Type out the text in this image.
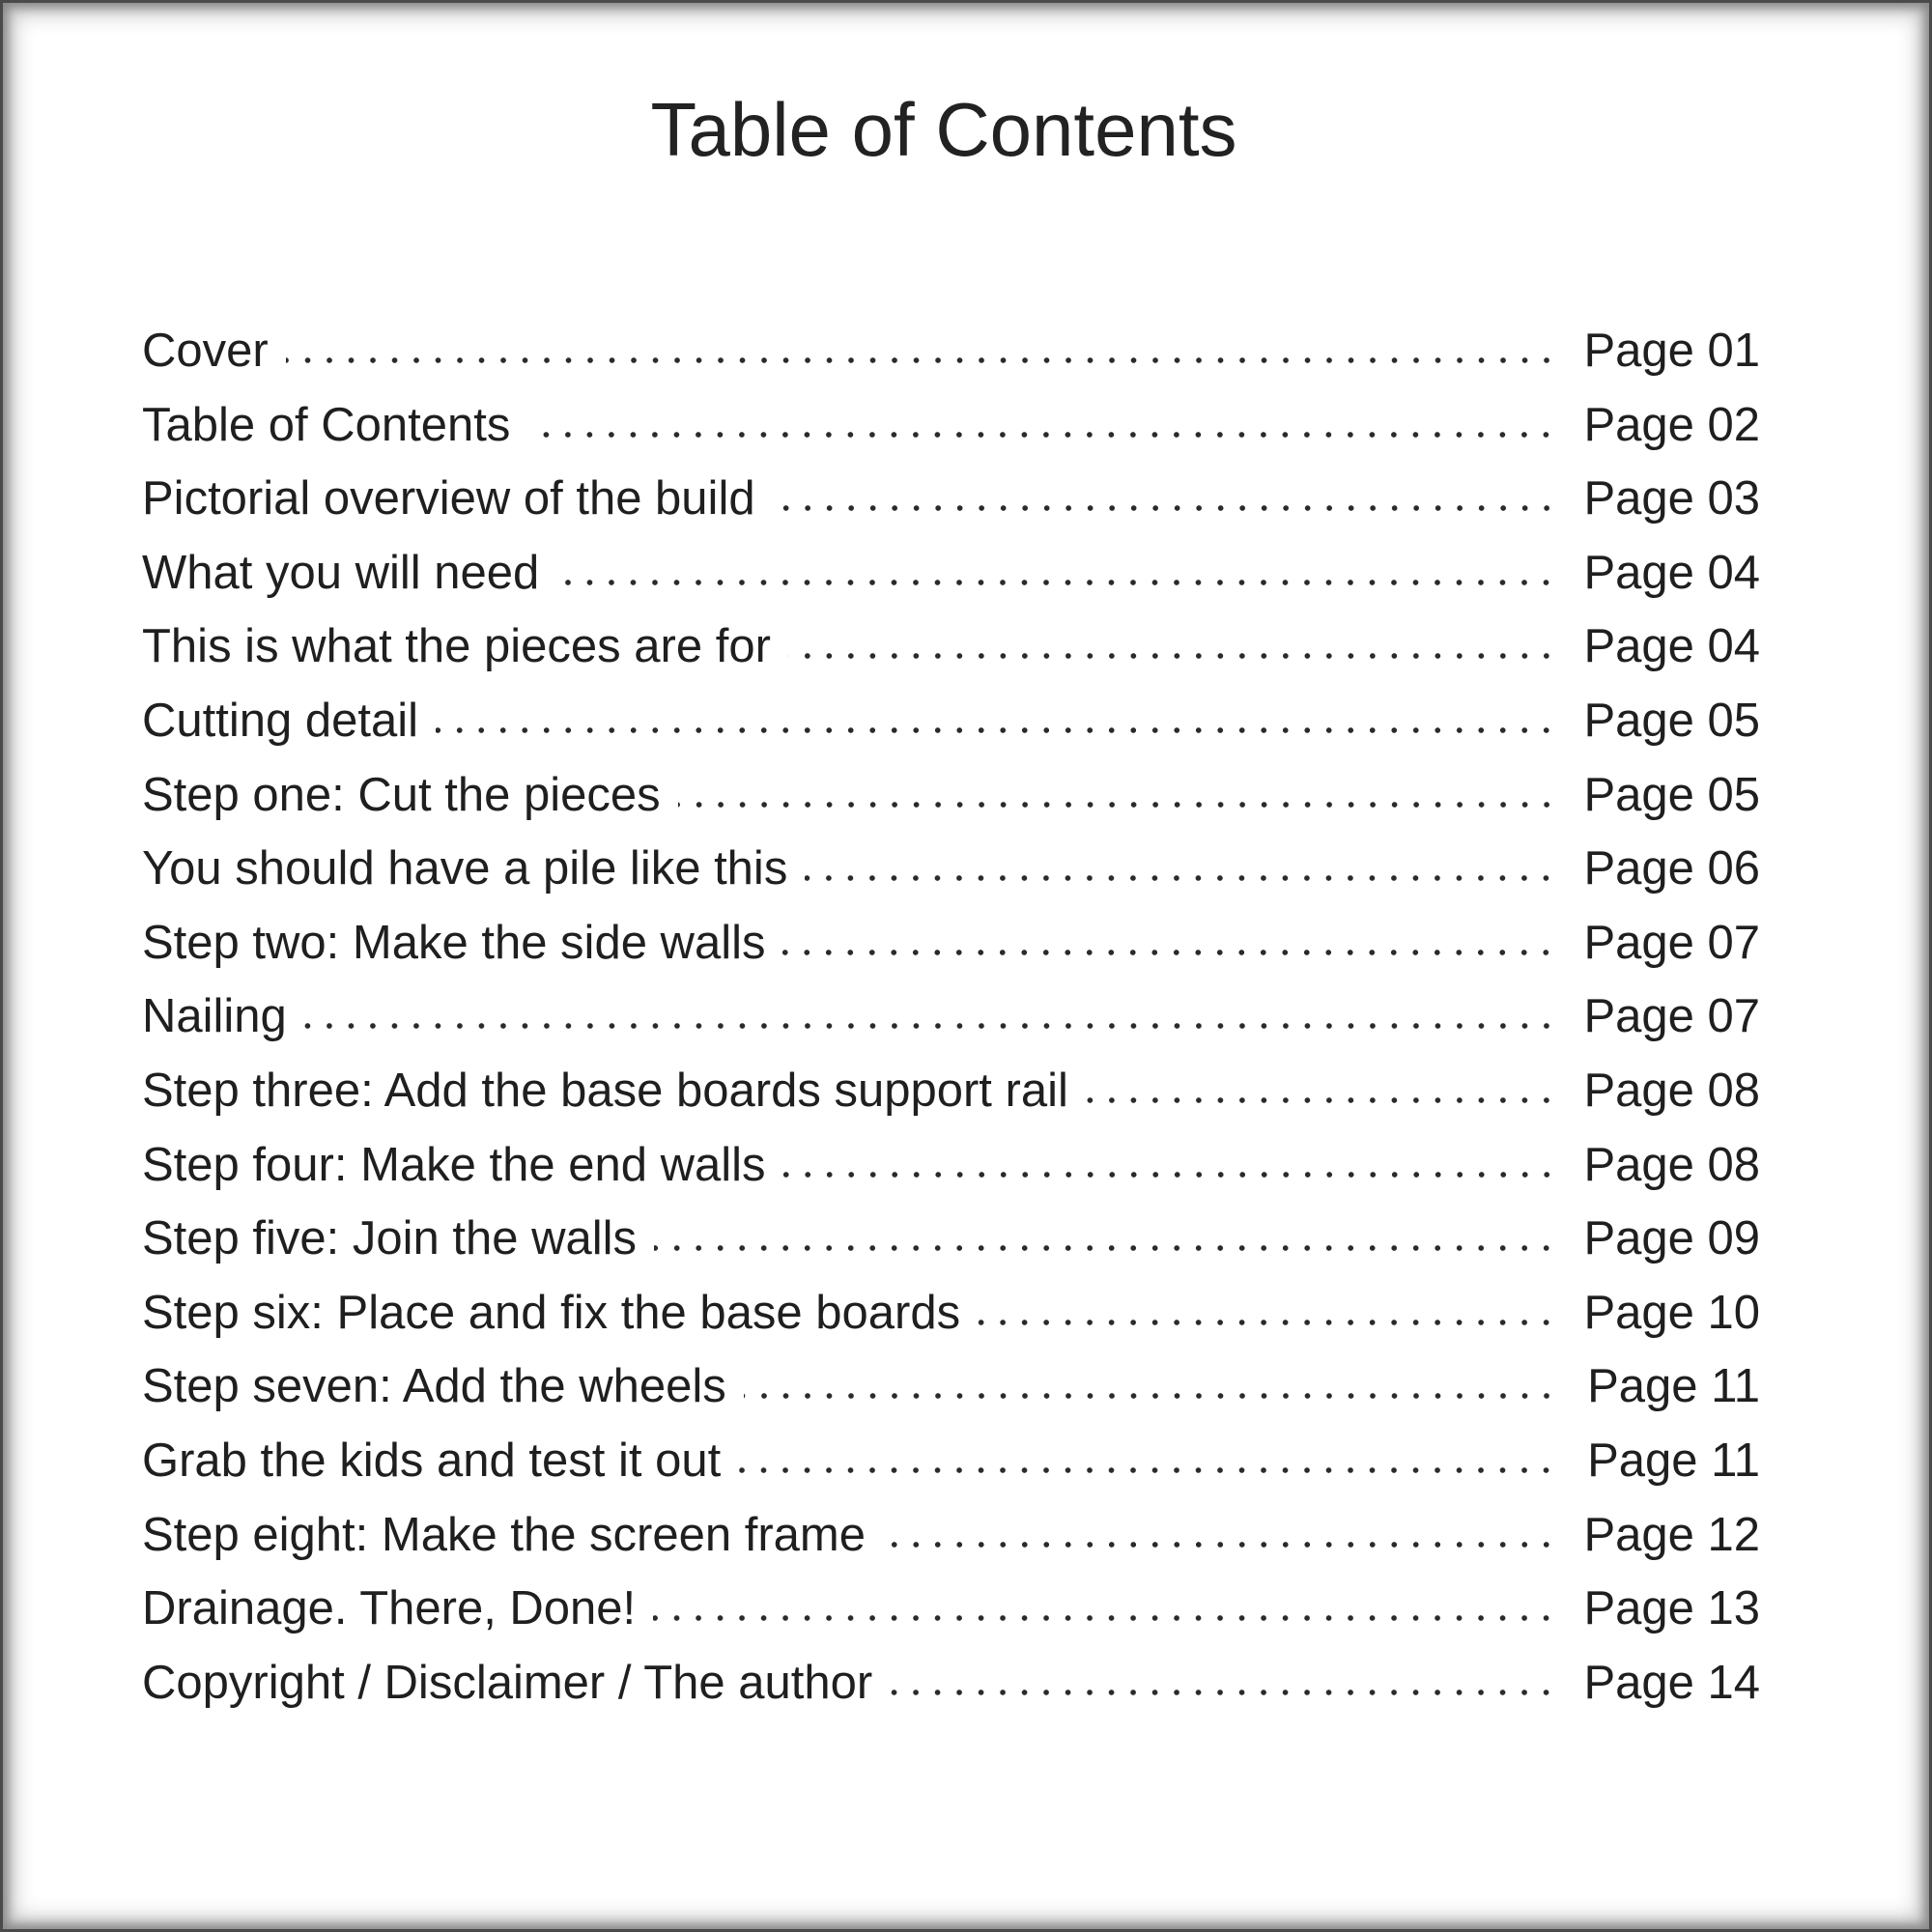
Table of Contents
Cover	Page 01
Table of Contents	Page 02
Pictorial overview of the build	Page 03
What you will need	Page 04
This is what the pieces are for	Page 04
Cutting detail	Page 05
Step one: Cut the pieces	Page 05
You should have a pile like this	Page 06
Step two: Make the side walls	Page 07
Nailing	Page 07
Step three: Add the base boards support rail	Page 08
Step four: Make the end walls	Page 08
Step five: Join the walls	Page 09
Step six: Place and fix the base boards	Page 10
Step seven: Add the wheels	Page 11
Grab the kids and test it out	Page 11
Step eight: Make the screen frame	Page 12
Drainage. There, Done!	Page 13
Copyright / Disclaimer / The author	Page 14
